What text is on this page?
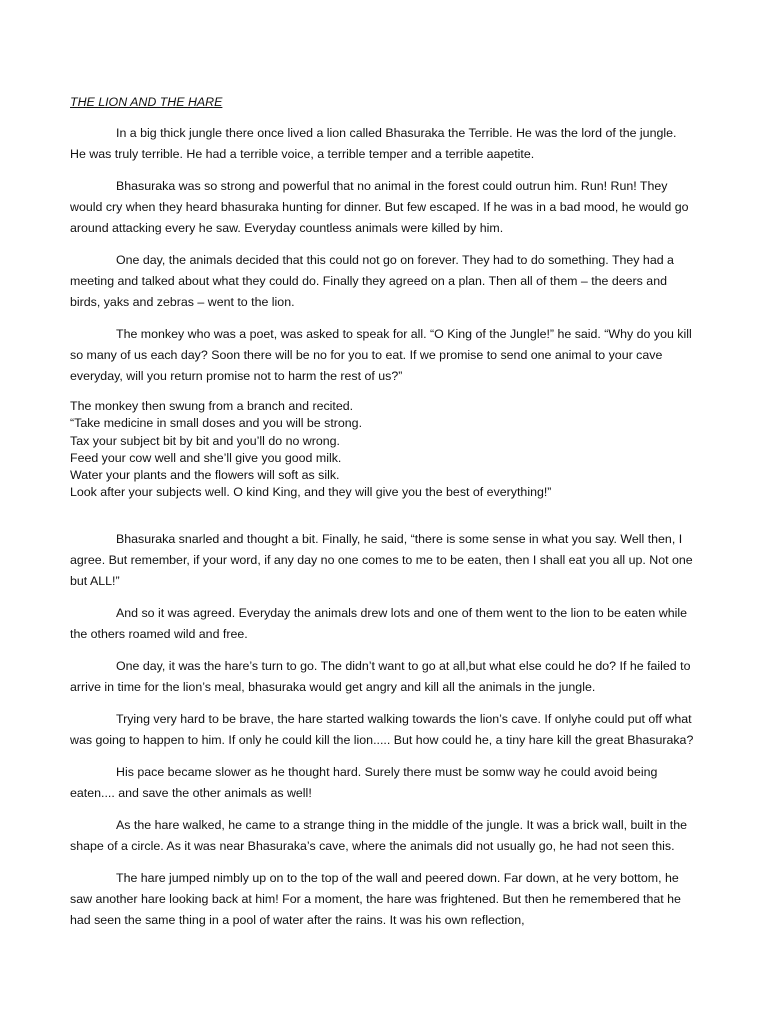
THE LION AND THE HARE

In a big thick jungle there once lived a lion called Bhasuraka the Terrible. He was the lord of the jungle. He was truly terrible. He had a terrible voice, a terrible temper and a terrible aapetite.

Bhasuraka was so strong and powerful that no animal in the forest could outrun him. Run! Run! They would cry when they heard bhasuraka hunting for dinner. But few escaped. If he was in a bad mood, he would go around attacking every he saw. Everyday countless animals were killed by him.

One day, the animals decided that this could not go on forever. They had to do something. They had a meeting and talked about what they could do. Finally they agreed on a plan. Then all of them – the deers and birds, yaks and zebras – went to the lion.

The monkey who was a poet, was asked to speak for all. “O King of the Jungle!” he said. “Why do you kill so many of us each day? Soon there will be no for you to eat. If we promise to send one animal to your cave everyday, will you return promise not to harm the rest of us?”

The monkey then swung from a branch and recited.
“Take medicine in small doses and you will be strong.
Tax your subject bit by bit and you’ll do no wrong.
Feed your cow well and she’ll give you good milk.
Water your plants and the flowers will soft as silk.
Look after your subjects well. O kind King, and they will give you the best of everything!”

Bhasuraka snarled and thought a bit. Finally, he said, “there is some sense in what you say. Well then, I agree. But remember, if your word, if any day no one comes to me to be eaten, then I shall eat you all up. Not one but ALL!”

And so it was agreed. Everyday the animals drew lots and one of them went to the lion to be eaten while the others roamed wild and free.

One day, it was the hare’s turn to go. The didn’t want to go at all,but what else could he do? If he failed to arrive in time for the lion’s meal, bhasuraka would get angry and kill all the animals in the jungle.

Trying very hard to be brave, the hare started walking towards the lion’s cave. If onlyhe could put off what was going to happen to him. If only he could kill the lion..... But how could he, a tiny hare kill the great Bhasuraka?

His pace became slower as he thought hard. Surely there must be somw way he could avoid being eaten.... and save the other animals as well!

As the hare walked, he came to a strange thing in the middle of the jungle. It was a brick wall, built in the shape of a circle. As it was near Bhasuraka’s cave, where the animals did not usually go, he had not seen this.

The hare jumped nimbly up on to the top of the wall and peered down. Far down, at he very bottom, he saw another hare looking back at him! For a moment, the hare was frightened. But then he remembered that he had seen the same thing in a pool of water after the rains. It was his own reflection,
